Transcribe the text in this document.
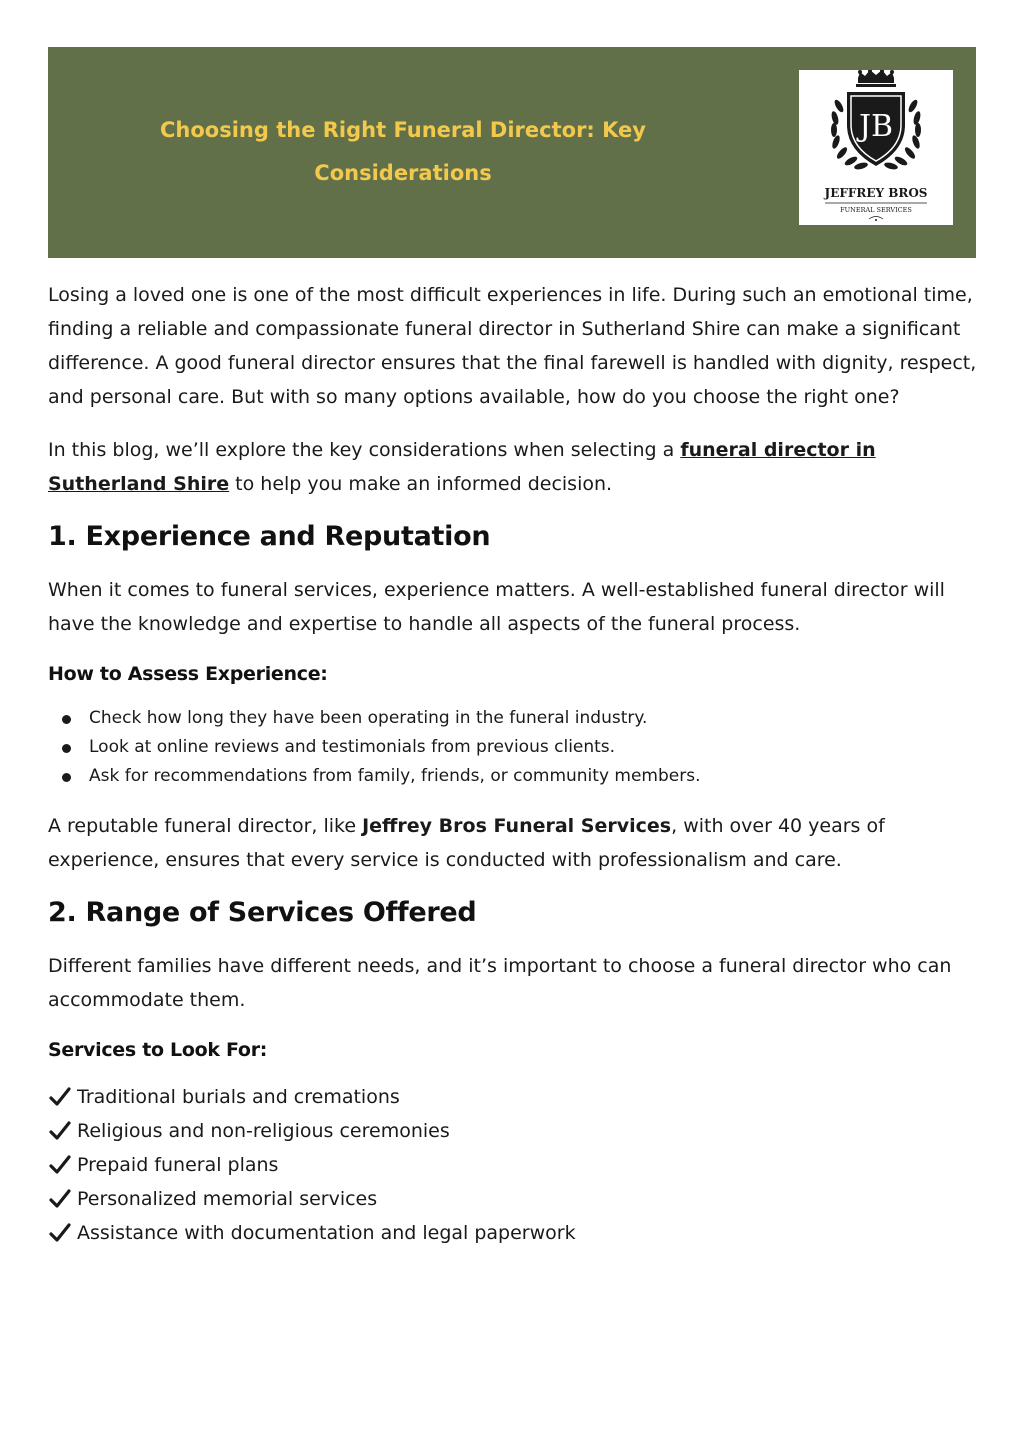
Choosing the Right Funeral Director: Key
Considerations
JB
JEFFREY BROS
FUNERAL SERVICES

Losing a loved one is one of the most difficult experiences in life. During such an emotional time, finding a reliable and compassionate funeral director in Sutherland Shire can make a significant difference. A good funeral director ensures that the final farewell is handled with dignity, respect, and personal care. But with so many options available, how do you choose the right one?

In this blog, we’ll explore the key considerations when selecting a funeral director in Sutherland Shire to help you make an informed decision.

1. Experience and Reputation

When it comes to funeral services, experience matters. A well-established funeral director will have the knowledge and expertise to handle all aspects of the funeral process.

How to Assess Experience:
Check how long they have been operating in the funeral industry.
Look at online reviews and testimonials from previous clients.
Ask for recommendations from family, friends, or community members.

A reputable funeral director, like Jeffrey Bros Funeral Services, with over 40 years of experience, ensures that every service is conducted with professionalism and care.

2. Range of Services Offered

Different families have different needs, and it’s important to choose a funeral director who can accommodate them.

Services to Look For:
Traditional burials and cremations
Religious and non-religious ceremonies
Prepaid funeral plans
Personalized memorial services
Assistance with documentation and legal paperwork
